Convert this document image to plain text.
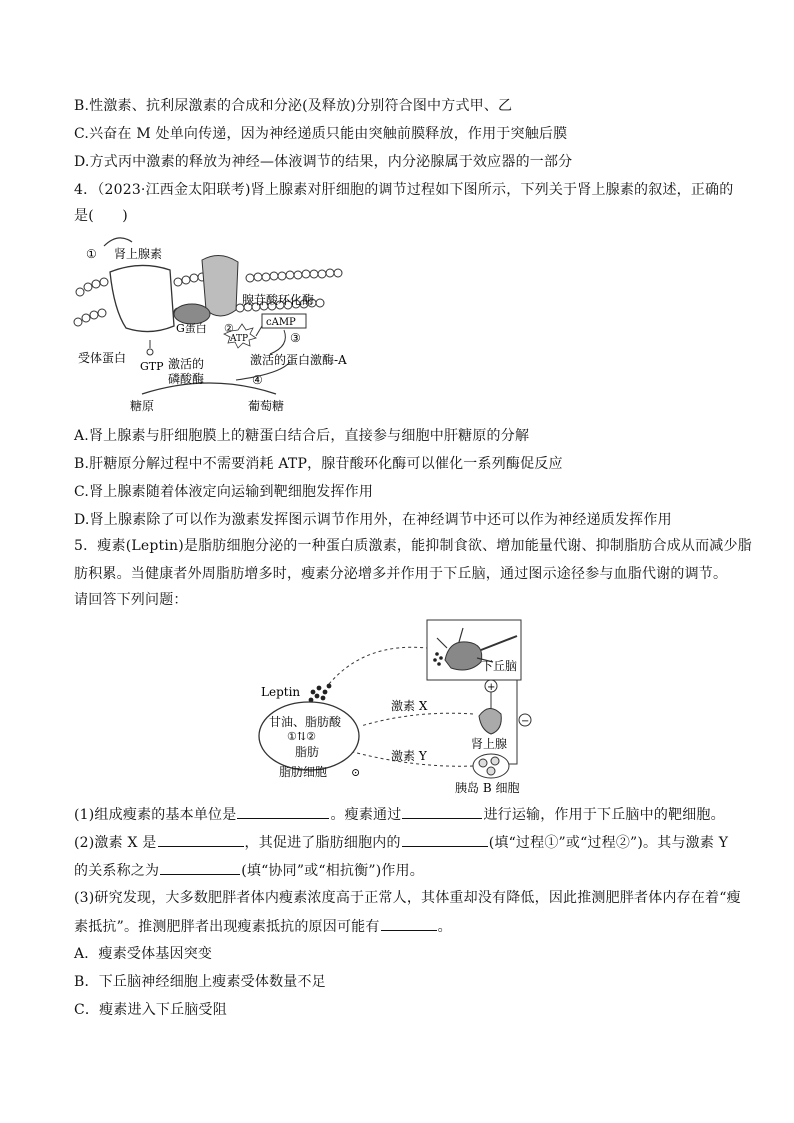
B.性激素、抗利尿激素的合成和分泌(及释放)分别符合图中方式甲、乙
C.兴奋在 M 处单向传递，因为神经递质只能由突触前膜释放，作用于突触后膜
D.方式丙中激素的释放为神经—体液调节的结果，内分泌腺属于效应器的一部分
4．（2023·江西金太阳联考)肾上腺素对肝细胞的调节过程如下图所示，下列关于肾上腺素的叙述，正确的
是(　　)
① 肾上腺素
腺苷酸环化酶
G蛋白 ②
ATP
cAMP
③
受体蛋白
GTP 激活的
磷酸酶
激活的蛋白激酶-A
④
糖原	葡萄糖
A.肾上腺素与肝细胞膜上的糖蛋白结合后，直接参与细胞中肝糖原的分解
B.肝糖原分解过程中不需要消耗 ATP，腺苷酸环化酶可以催化一系列酶促反应
C.肾上腺素随着体液定向运输到靶细胞发挥作用
D.肾上腺素除了可以作为激素发挥图示调节作用外，在神经调节中还可以作为神经递质发挥作用
5．瘦素(Leptin)是脂肪细胞分泌的一种蛋白质激素，能抑制食欲、增加能量代谢、抑制脂肪合成从而减少脂
肪积累。当健康者外周脂肪增多时，瘦素分泌增多并作用于下丘脑，通过图示途径参与血脂代谢的调节。
请回答下列问题：
下丘脑
+
−
Leptin
激素 X
激素 Y
甘油、脂肪酸
①⇅②
脂肪
脂肪细胞
肾上腺
胰岛 B 细胞
⊙
(1)组成瘦素的基本单位是	。瘦素通过	进行运输，作用于下丘脑中的靶细胞。
(2)激素 X 是	，其促进了脂肪细胞内的	(填“过程①”或“过程②”)。其与激素 Y
的关系称之为	(填“协同”或“相抗衡”)作用。
(3)研究发现，大多数肥胖者体内瘦素浓度高于正常人，其体重却没有降低，因此推测肥胖者体内存在着“瘦
素抵抗”。推测肥胖者出现瘦素抵抗的原因可能有	。
A．瘦素受体基因突变
B．下丘脑神经细胞上瘦素受体数量不足
C．瘦素进入下丘脑受阻
